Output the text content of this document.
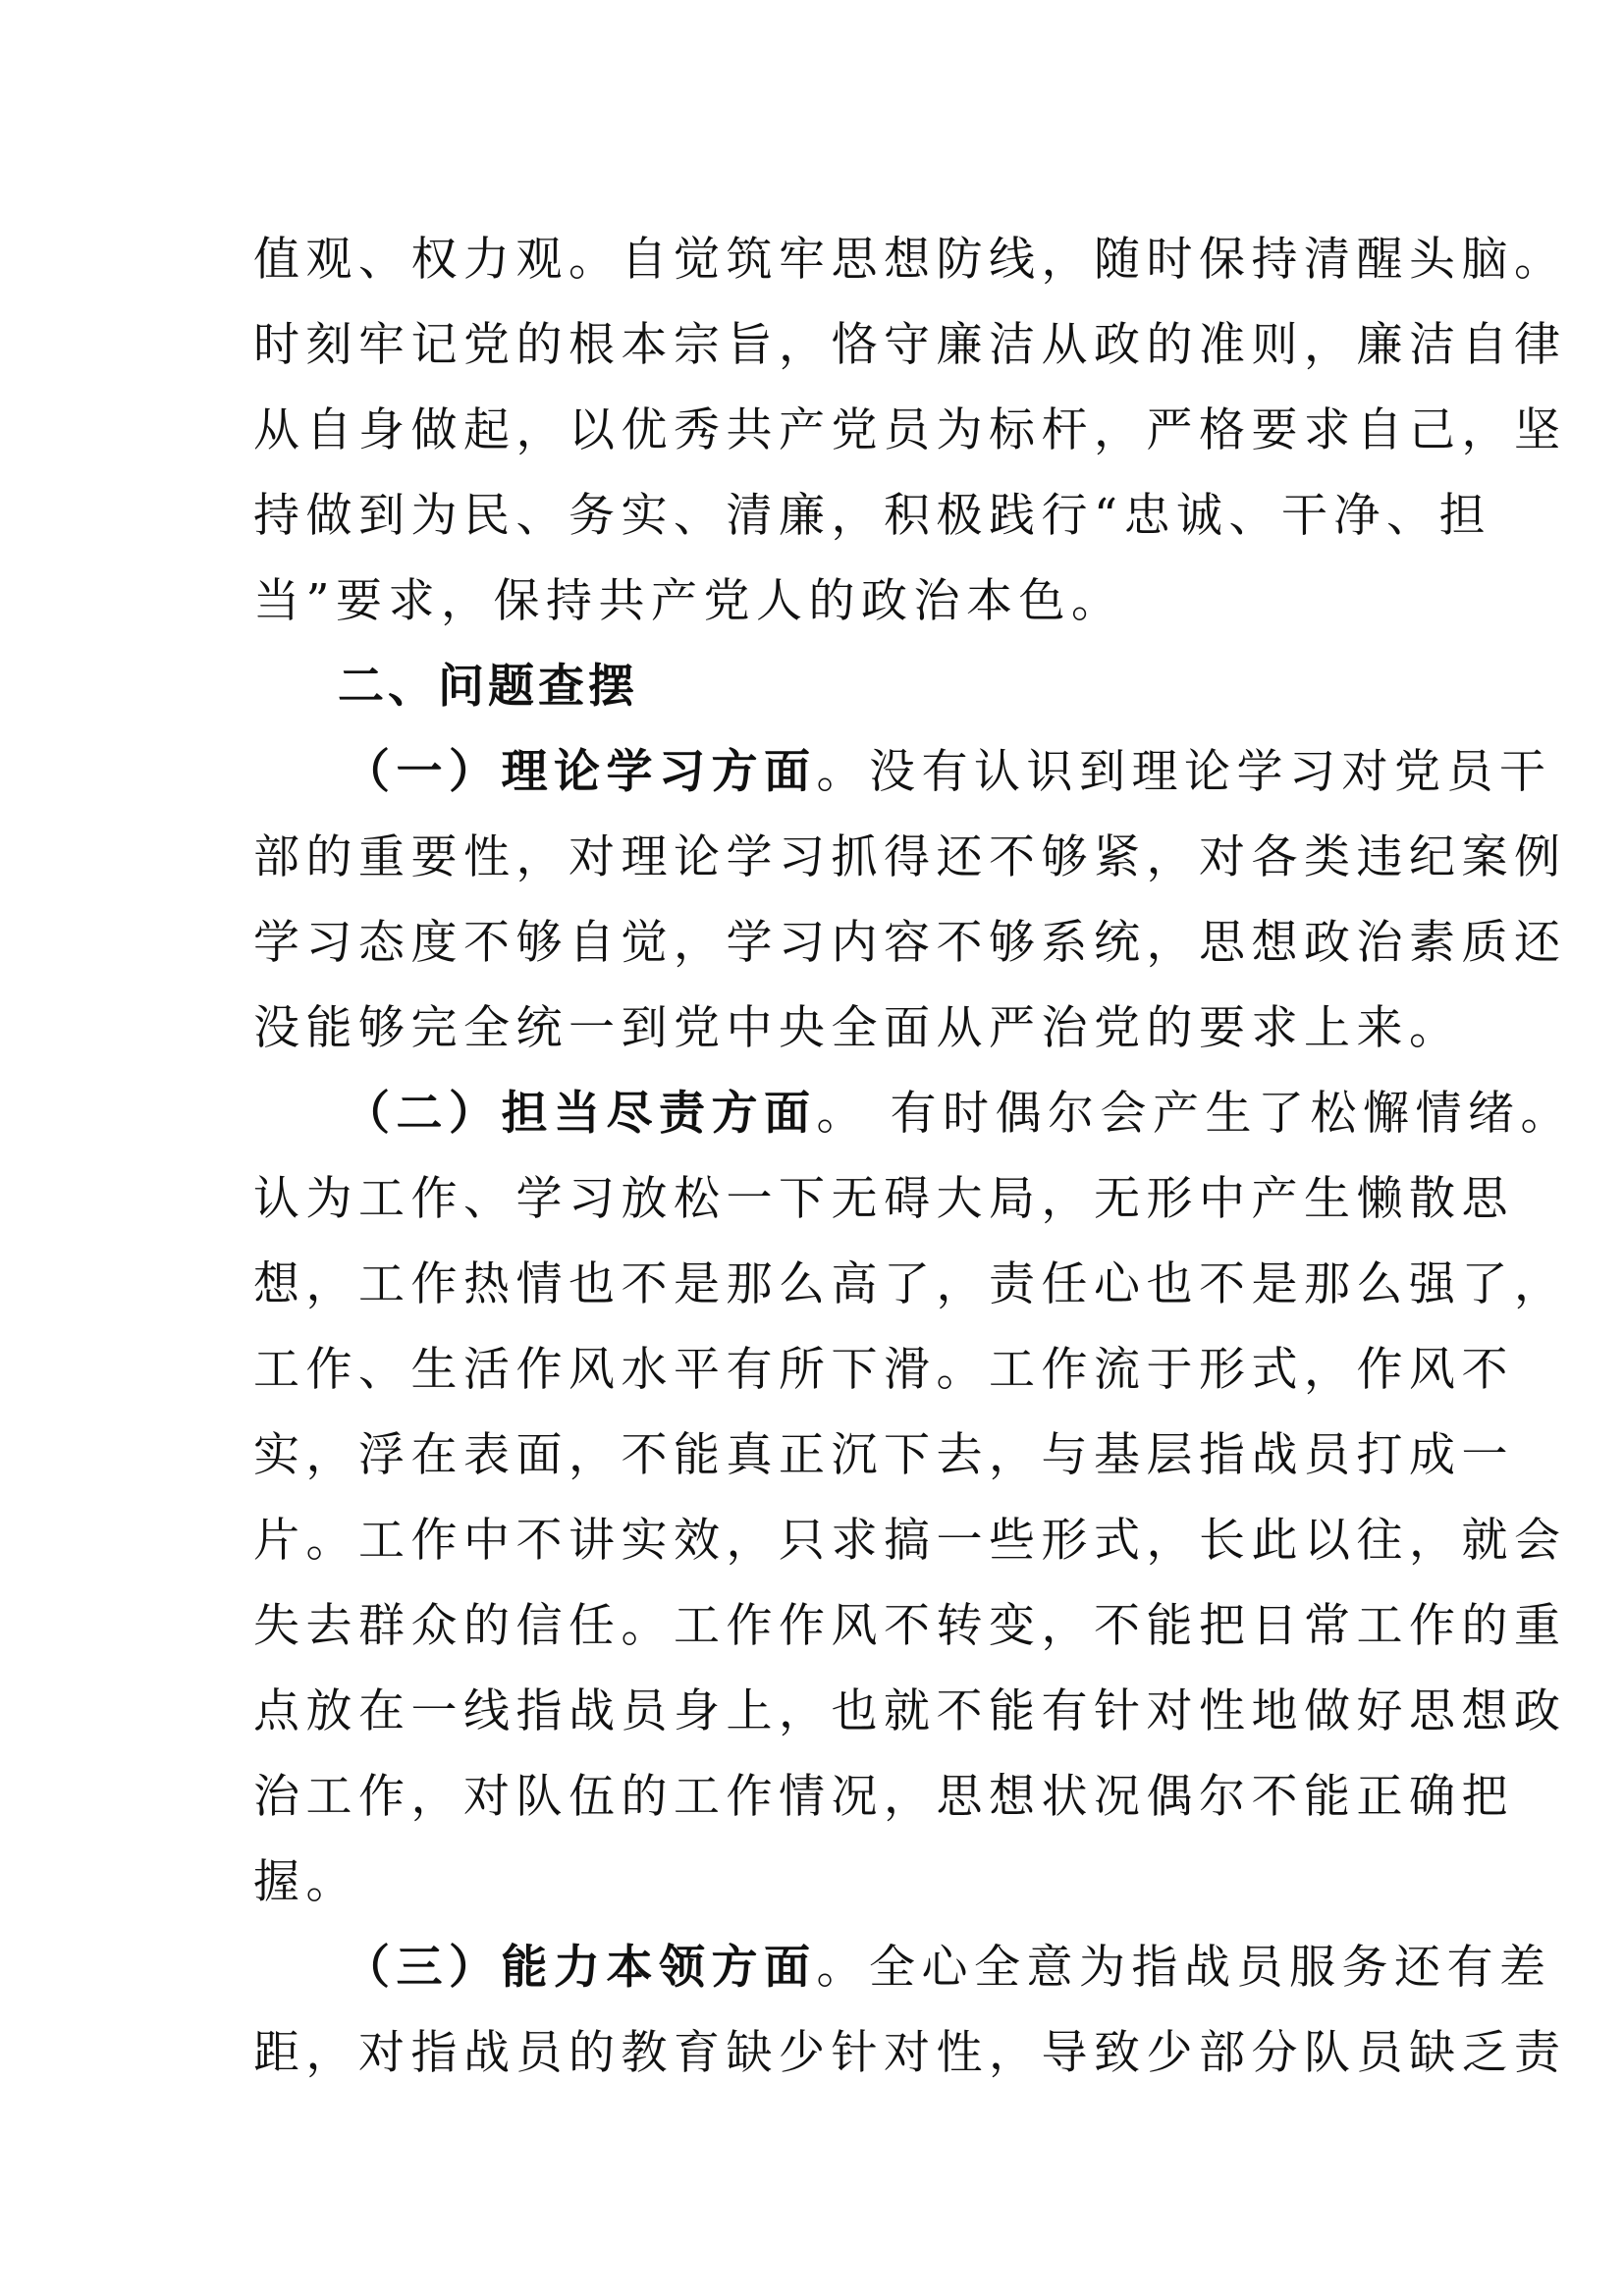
值观、权力观。自觉筑牢思想防线，随时保持清醒头脑。
时刻牢记党的根本宗旨，恪守廉洁从政的准则，廉洁自律
从自身做起，以优秀共产党员为标杆，严格要求自己，坚
持做到为民、务实、清廉，积极践行“忠诚、干净、担
当”要求，保持共产党人的政治本色。
二、问题查摆
（一）理论学习方面。没有认识到理论学习对党员干
部的重要性，对理论学习抓得还不够紧，对各类违纪案例
学习态度不够自觉，学习内容不够系统，思想政治素质还
没能够完全统一到党中央全面从严治党的要求上来。
（二）担当尽责方面。 有时偶尔会产生了松懈情绪。
认为工作、学习放松一下无碍大局，无形中产生懒散思
想，工作热情也不是那么高了，责任心也不是那么强了，
工作、生活作风水平有所下滑。工作流于形式，作风不
实，浮在表面，不能真正沉下去，与基层指战员打成一
片。工作中不讲实效，只求搞一些形式，长此以往，就会
失去群众的信任。工作作风不转变，不能把日常工作的重
点放在一线指战员身上，也就不能有针对性地做好思想政
治工作，对队伍的工作情况，思想状况偶尔不能正确把
握。
（三）能力本领方面。全心全意为指战员服务还有差
距，对指战员的教育缺少针对性，导致少部分队员缺乏责
